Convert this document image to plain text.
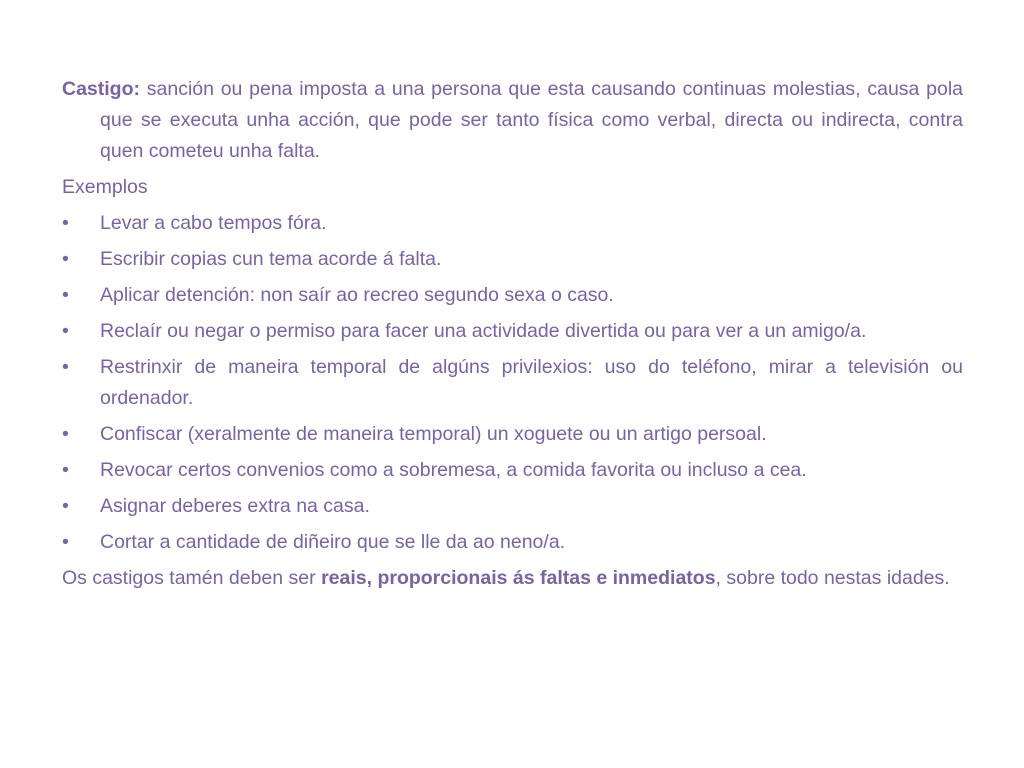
Castigo: sanción ou pena imposta a una persona que esta causando continuas molestias, causa pola que se executa unha acción, que pode ser tanto física como verbal, directa ou indirecta, contra quen cometeu unha falta.

Exemplos

•	Levar a cabo tempos fóra.
•	Escribir copias cun tema acorde á falta.
•	Aplicar detención: non saír ao recreo segundo sexa o caso.
•	Reclaír ou negar o permiso para facer una actividade divertida ou para ver a un amigo/a.
•	Restrinxir de maneira temporal de algúns privilexios: uso do teléfono, mirar a televisión ou ordenador.
•	Confiscar (xeralmente de maneira temporal) un xoguete ou un artigo persoal.
•	Revocar certos convenios como a sobremesa, a comida favorita ou incluso a cea.
•	Asignar deberes extra na casa.
•	Cortar a cantidade de diñeiro que se lle da ao neno/a.

Os castigos tamén deben ser reais, proporcionais ás faltas e inmediatos, sobre todo nestas idades.
